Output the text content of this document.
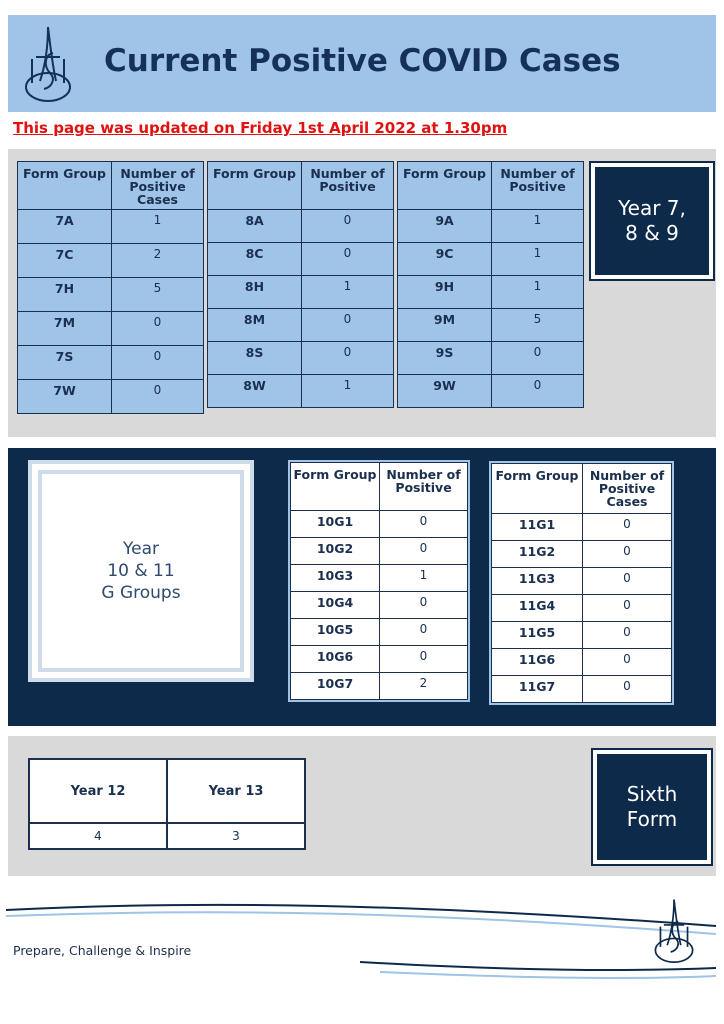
Current Positive COVID Cases
This page was updated on Friday 1st April 2022 at 1.30pm
Form Group	Number of Positive Cases
7A	1
7C	2
7H	5
7M	0
7S	0
7W	0
Form Group	Number of Positive
8A	0
8C	0
8H	1
8M	0
8S	0
8W	1
Form Group	Number of Positive
9A	1
9C	1
9H	1
9M	5
9S	0
9W	0
Year 7,
8 & 9
Year
10 & 11
G Groups
Form Group	Number of Positive
10G1	0
10G2	0
10G3	1
10G4	0
10G5	0
10G6	0
10G7	2
Form Group	Number of Positive Cases
11G1	0
11G2	0
11G3	0
11G4	0
11G5	0
11G6	0
11G7	0
Year 12	Year 13
4	3
Sixth
Form
Prepare, Challenge & Inspire
